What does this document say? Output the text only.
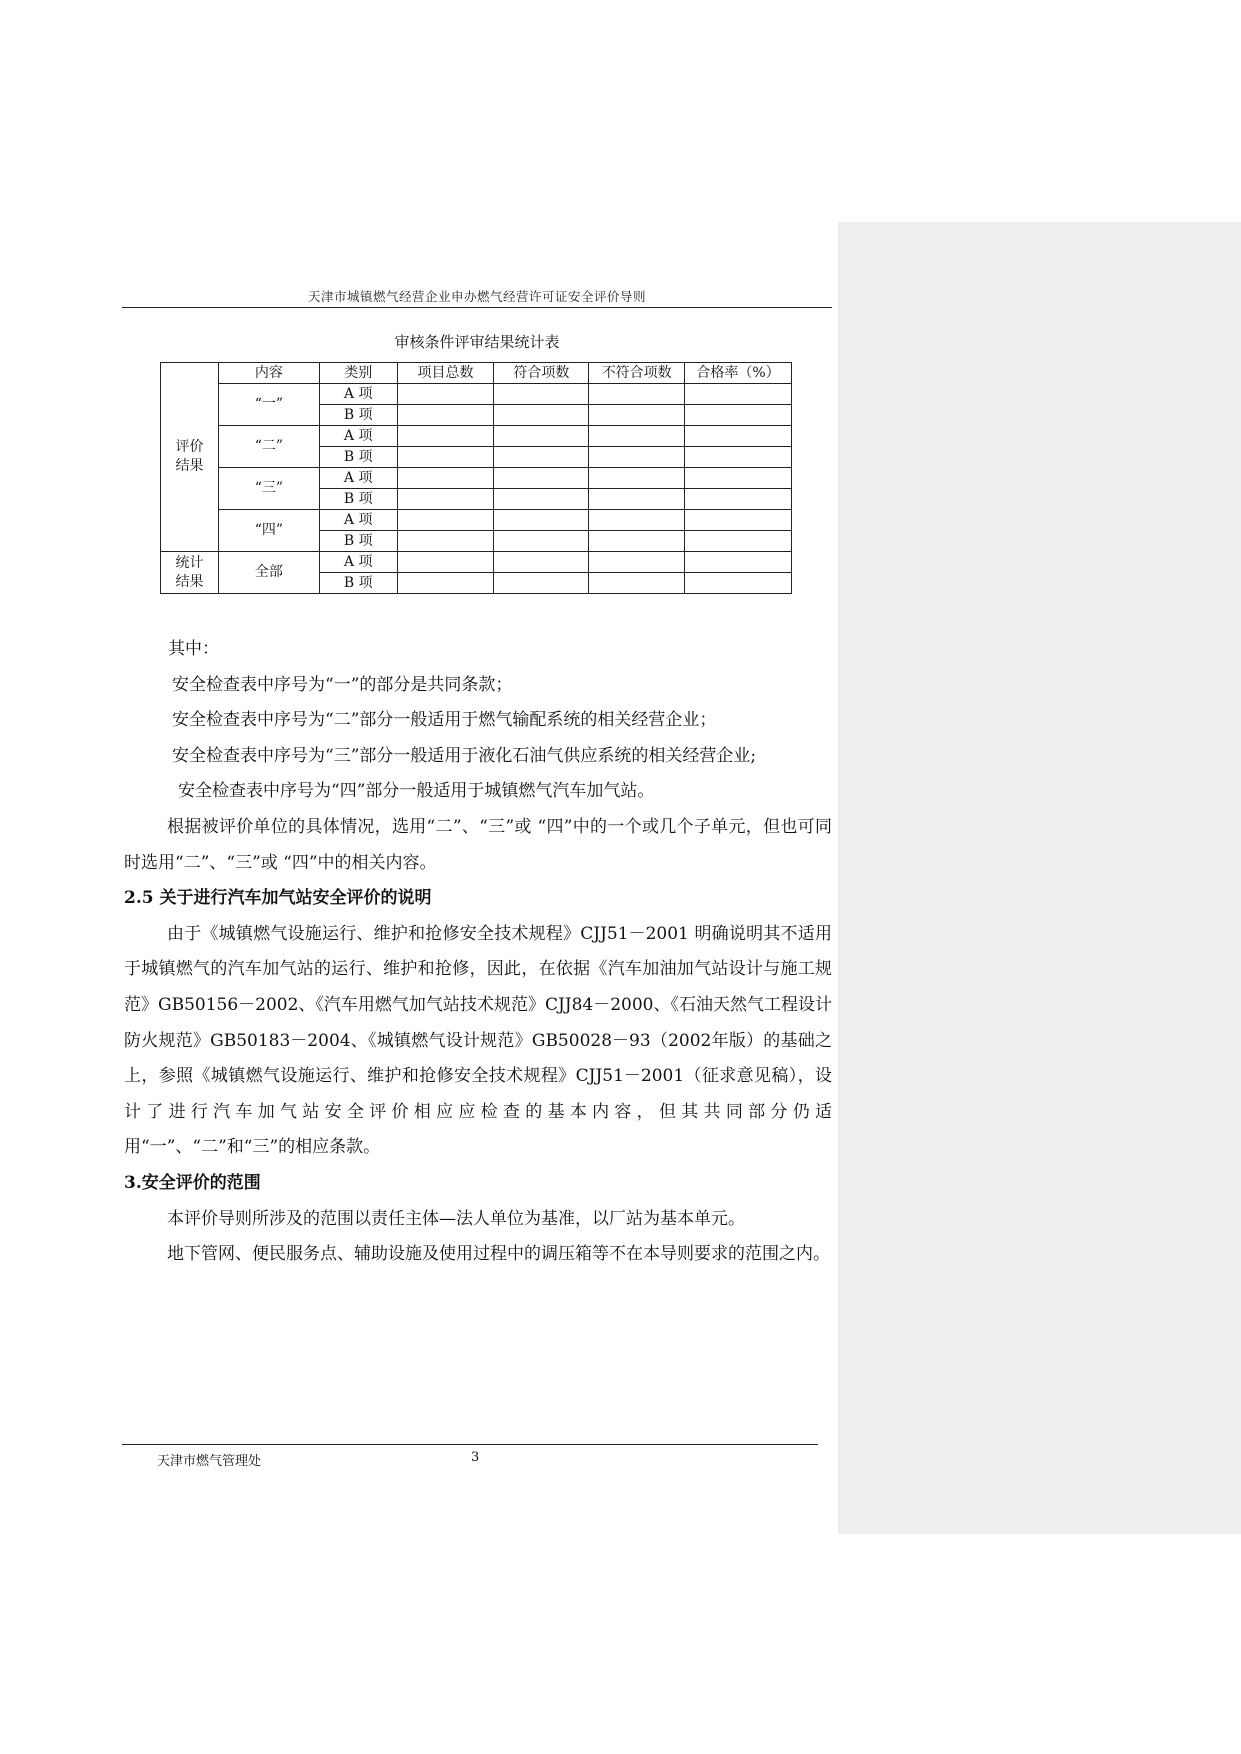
天津市城镇燃气经营企业申办燃气经营许可证安全评价导则
审核条件评审结果统计表
评价结果	内容	类别	项目总数	符合项数	不符合项数	合格率（%）
	“一”	A 项				
		B 项				
	“二”	A 项				
		B 项				
	“三”	A 项				
		B 项				
	“四”	A 项				
		B 项				
统计结果	全部	A 项				
		B 项				

其中：

安全检查表中序号为“一”的部分是共同条款；

安全检查表中序号为“二”部分一般适用于燃气输配系统的相关经营企业；

安全检查表中序号为“三”部分一般适用于液化石油气供应系统的相关经营企业;

安全检查表中序号为“四”部分一般适用于城镇燃气汽车加气站。

根据被评价单位的具体情况，选用“二”、“三”或 “四”中的一个或几个子单元，但也可同时选用“二”、“三”或 “四”中的相关内容。

2.5 关于进行汽车加气站安全评价的说明

由于《城镇燃气设施运行、维护和抢修安全技术规程》CJJ51－2001 明确说明其不适用于城镇燃气的汽车加气站的运行、维护和抢修，因此，在依据《汽车加油加气站设计与施工规范》GB50156－2002、《汽车用燃气加气站技术规范》CJJ84－2000、《石油天然气工程设计防火规范》GB50183－2004、《城镇燃气设计规范》GB50028－93（2002年版）的基础之上，参照《城镇燃气设施运行、维护和抢修安全技术规程》CJJ51－2001（征求意见稿），设计了进行汽车加气站安全评价相应应检查的基本内容，但其共同部分仍适用“一”、“二”和“三”的相应条款。

3.安全评价的范围

本评价导则所涉及的范围以责任主体—法人单位为基准，以厂站为基本单元。

地下管网、便民服务点、辅助设施及使用过程中的调压箱等不在本导则要求的范围之内。

天津市燃气管理处	3
